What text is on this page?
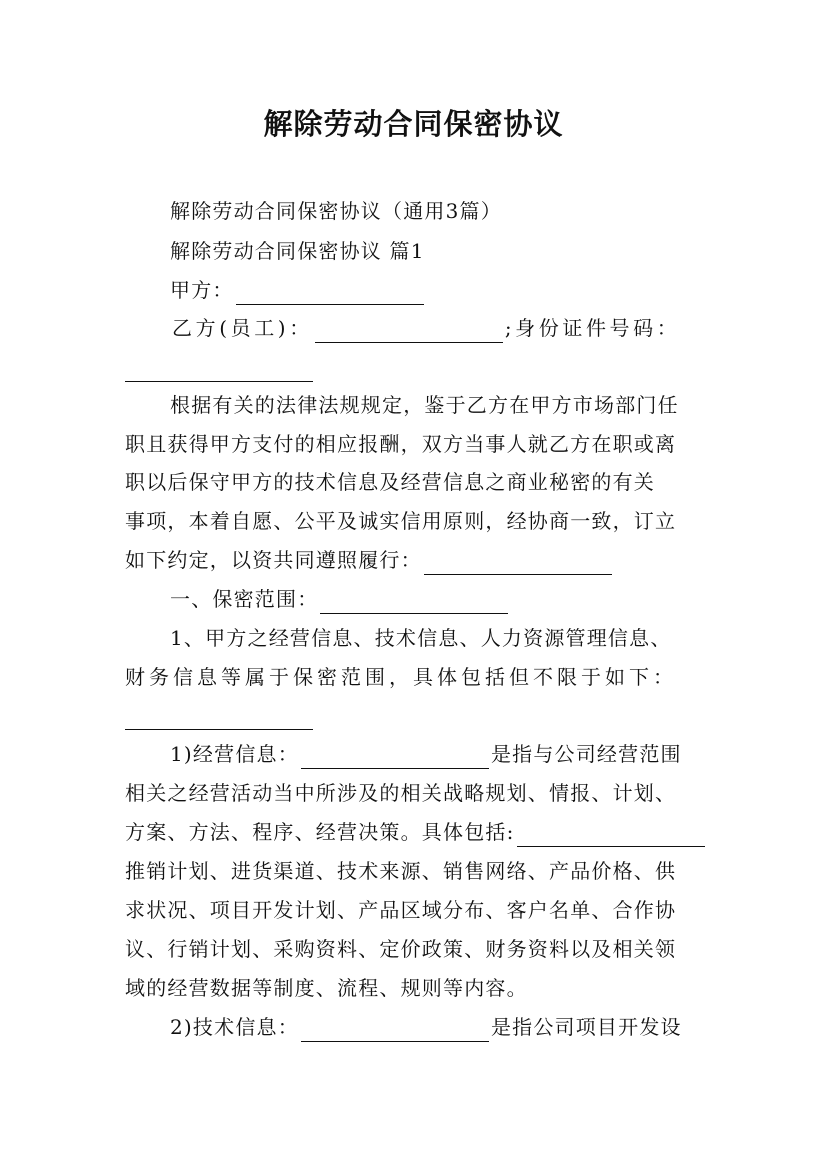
解除劳动合同保密协议
解除劳动合同保密协议（通用3篇）
解除劳动合同保密协议 篇1
甲方：
乙方(员工)：	;身份证件号码：
根据有关的法律法规规定，鉴于乙方在甲方市场部门任
职且获得甲方支付的相应报酬，双方当事人就乙方在职或离
职以后保守甲方的技术信息及经营信息之商业秘密的有关
事项，本着自愿、公平及诚实信用原则，经协商一致，订立
如下约定，以资共同遵照履行：
一、保密范围：
1、甲方之经营信息、技术信息、人力资源管理信息、
财务信息等属于保密范围，具体包括但不限于如下：
1)经营信息：	是指与公司经营范围
相关之经营活动当中所涉及的相关战略规划、情报、计划、
方案、方法、程序、经营决策。具体包括:
推销计划、进货渠道、技术来源、销售网络、产品价格、供
求状况、项目开发计划、产品区域分布、客户名单、合作协
议、行销计划、采购资料、定价政策、财务资料以及相关领
域的经营数据等制度、流程、规则等内容。
2)技术信息：	是指公司项目开发设
